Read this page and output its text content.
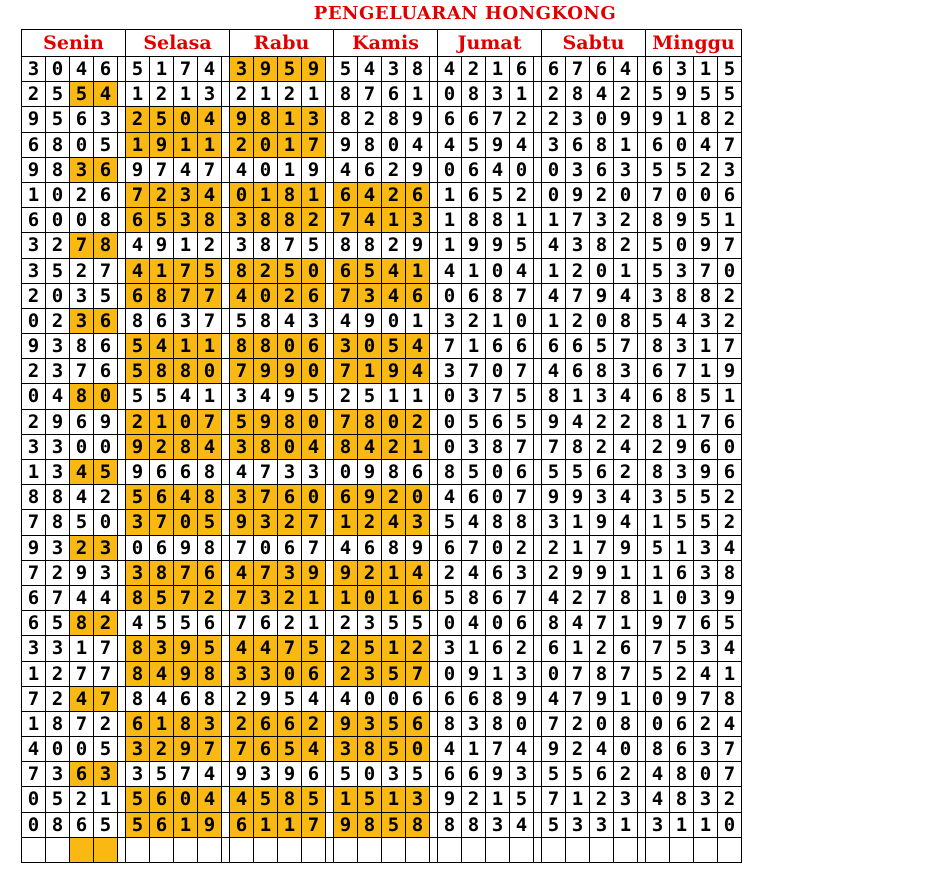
PENGELUARAN HONGKONG
Senin	Selasa	Rabu	Kamis	Jumat	Sabtu	Minggu
3 0 4 6	5 1 7 4	3 9 5 9	5 4 3 8	4 2 1 6	6 7 6 4	6 3 1 5
2 5 5 4	1 2 1 3	2 1 2 1	8 7 6 1	0 8 3 1	2 8 4 2	5 9 5 5
9 5 6 3	2 5 0 4	9 8 1 3	8 2 8 9	6 6 7 2	2 3 0 9	9 1 8 2
6 8 0 5	1 9 1 1	2 0 1 7	9 8 0 4	4 5 9 4	3 6 8 1	6 0 4 7
9 8 3 6	9 7 4 7	4 0 1 9	4 6 2 9	0 6 4 0	0 3 6 3	5 5 2 3
1 0 2 6	7 2 3 4	0 1 8 1	6 4 2 6	1 6 5 2	0 9 2 0	7 0 0 6
6 0 0 8	6 5 3 8	3 8 8 2	7 4 1 3	1 8 8 1	1 7 3 2	8 9 5 1
3 2 7 8	4 9 1 2	3 8 7 5	8 8 2 9	1 9 9 5	4 3 8 2	5 0 9 7
3 5 2 7	4 1 7 5	8 2 5 0	6 5 4 1	4 1 0 4	1 2 0 1	5 3 7 0
2 0 3 5	6 8 7 7	4 0 2 6	7 3 4 6	0 6 8 7	4 7 9 4	3 8 8 2
0 2 3 6	8 6 3 7	5 8 4 3	4 9 0 1	3 2 1 0	1 2 0 8	5 4 3 2
9 3 8 6	5 4 1 1	8 8 0 6	3 0 5 4	7 1 6 6	6 6 5 7	8 3 1 7
2 3 7 6	5 8 8 0	7 9 9 0	7 1 9 4	3 7 0 7	4 6 8 3	6 7 1 9
0 4 8 0	5 5 4 1	3 4 9 5	2 5 1 1	0 3 7 5	8 1 3 4	6 8 5 1
2 9 6 9	2 1 0 7	5 9 8 0	7 8 0 2	0 5 6 5	9 4 2 2	8 1 7 6
3 3 0 0	9 2 8 4	3 8 0 4	8 4 2 1	0 3 8 7	7 8 2 4	2 9 6 0
1 3 4 5	9 6 6 8	4 7 3 3	0 9 8 6	8 5 0 6	5 5 6 2	8 3 9 6
8 8 4 2	5 6 4 8	3 7 6 0	6 9 2 0	4 6 0 7	9 9 3 4	3 5 5 2
7 8 5 0	3 7 0 5	9 3 2 7	1 2 4 3	5 4 8 8	3 1 9 4	1 5 5 2
9 3 2 3	0 6 9 8	7 0 6 7	4 6 8 9	6 7 0 2	2 1 7 9	5 1 3 4
7 2 9 3	3 8 7 6	4 7 3 9	9 2 1 4	2 4 6 3	2 9 9 1	1 6 3 8
6 7 4 4	8 5 7 2	7 3 2 1	1 0 1 6	5 8 6 7	4 2 7 8	1 0 3 9
6 5 8 2	4 5 5 6	7 6 2 1	2 3 5 5	0 4 0 6	8 4 7 1	9 7 6 5
3 3 1 7	8 3 9 5	4 4 7 5	2 5 1 2	3 1 6 2	6 1 2 6	7 5 3 4
1 2 7 7	8 4 9 8	3 3 0 6	2 3 5 7	0 9 1 3	0 7 8 7	5 2 4 1
7 2 4 7	8 4 6 8	2 9 5 4	4 0 0 6	6 6 8 9	4 7 9 1	0 9 7 8
1 8 7 2	6 1 8 3	2 6 6 2	9 3 5 6	8 3 8 0	7 2 0 8	0 6 2 4
4 0 0 5	3 2 9 7	7 6 5 4	3 8 5 0	4 1 7 4	9 2 4 0	8 6 3 7
7 3 6 3	3 5 7 4	9 3 9 6	5 0 3 5	6 6 9 3	5 5 6 2	4 8 0 7
0 5 2 1	5 6 0 4	4 5 8 5	1 5 1 3	9 2 1 5	7 1 2 3	4 8 3 2
0 8 6 5	5 6 1 9	6 1 1 7	9 8 5 8	8 8 3 4	5 3 3 1	3 1 1 0
